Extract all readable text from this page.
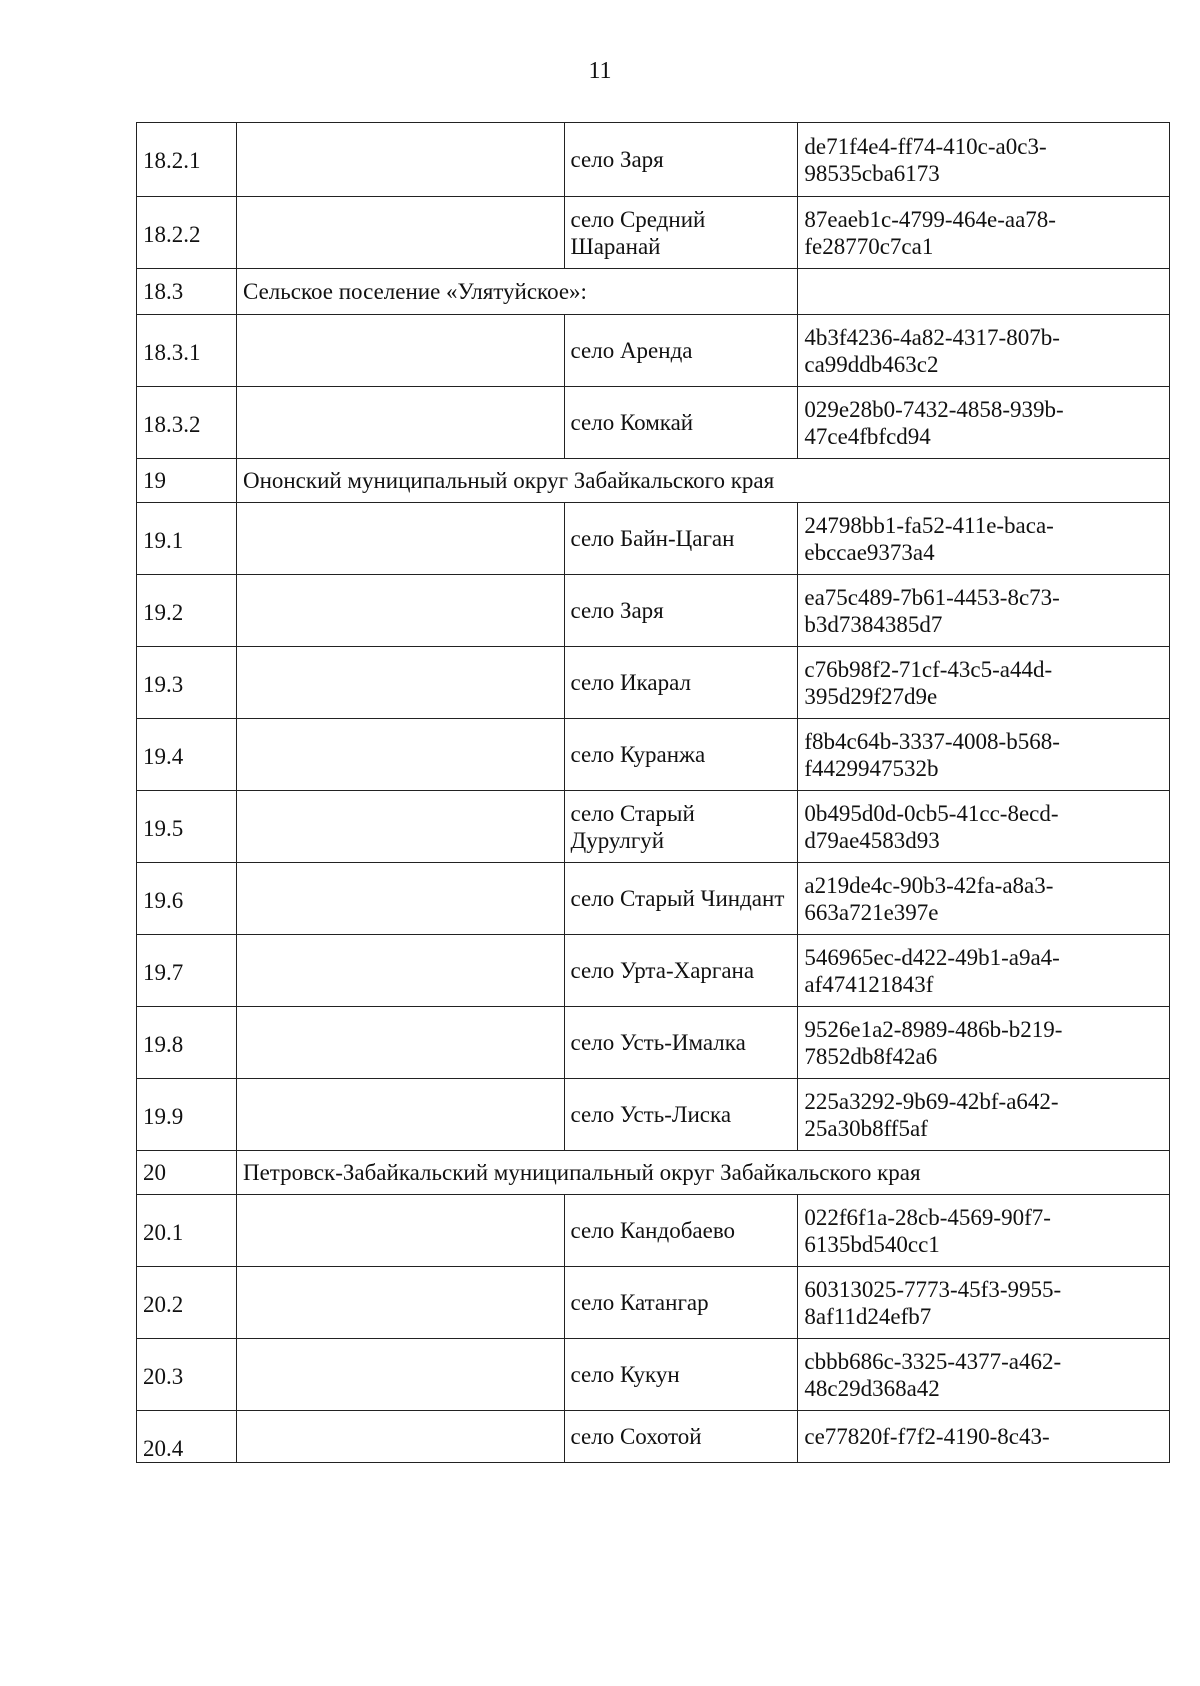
11
18.2.1		село Заря	de71f4e4-ff74-410c-a0c3-
98535cba6173

18.2.2		село Средний Шаранай	87eaeb1c-4799-464e-aa78-
fe28770c7ca1

18.3	Сельское поселение «Улятуйское»:		
18.3.1		село Аренда	4b3f4236-4a82-4317-807b-
ca99ddb463c2

18.3.2		село Комкай	029e28b0-7432-4858-939b-
47ce4fbfcd94

19	Ононский муниципальный округ Забайкальского края		
19.1		село Байн-Цаган	24798bb1-fa52-411e-baca-
ebccae9373a4

19.2		село Заря	ea75c489-7b61-4453-8c73-
b3d7384385d7

19.3		село Икарал	c76b98f2-71cf-43c5-a44d-
395d29f27d9e

19.4		село Куранжа	f8b4c64b-3337-4008-b568-
f4429947532b

19.5		село Старый Дурулгуй	0b495d0d-0cb5-41cc-8ecd-
d79ae4583d93

19.6		село Старый Чиндант	a219de4c-90b3-42fa-a8a3-
663a721e397e

19.7		село Урта-Харгана	546965ec-d422-49b1-a9a4-
af474121843f

19.8		село Усть-Ималка	9526e1a2-8989-486b-b219-
7852db8f42a6

19.9		село Усть-Лиска	225a3292-9b69-42bf-a642-
25a30b8ff5af

20	Петровск-Забайкальский муниципальный округ Забайкальского края		
20.1		село Кандобаево	022f6f1a-28cb-4569-90f7-
6135bd540cc1

20.2		село Катангар	60313025-7773-45f3-9955-
8af11d24efb7

20.3		село Кукун	cbbb686c-3325-4377-a462-
48c29d368a42

20.4		село Сохотой	ce77820f-f7f2-4190-8c43-
